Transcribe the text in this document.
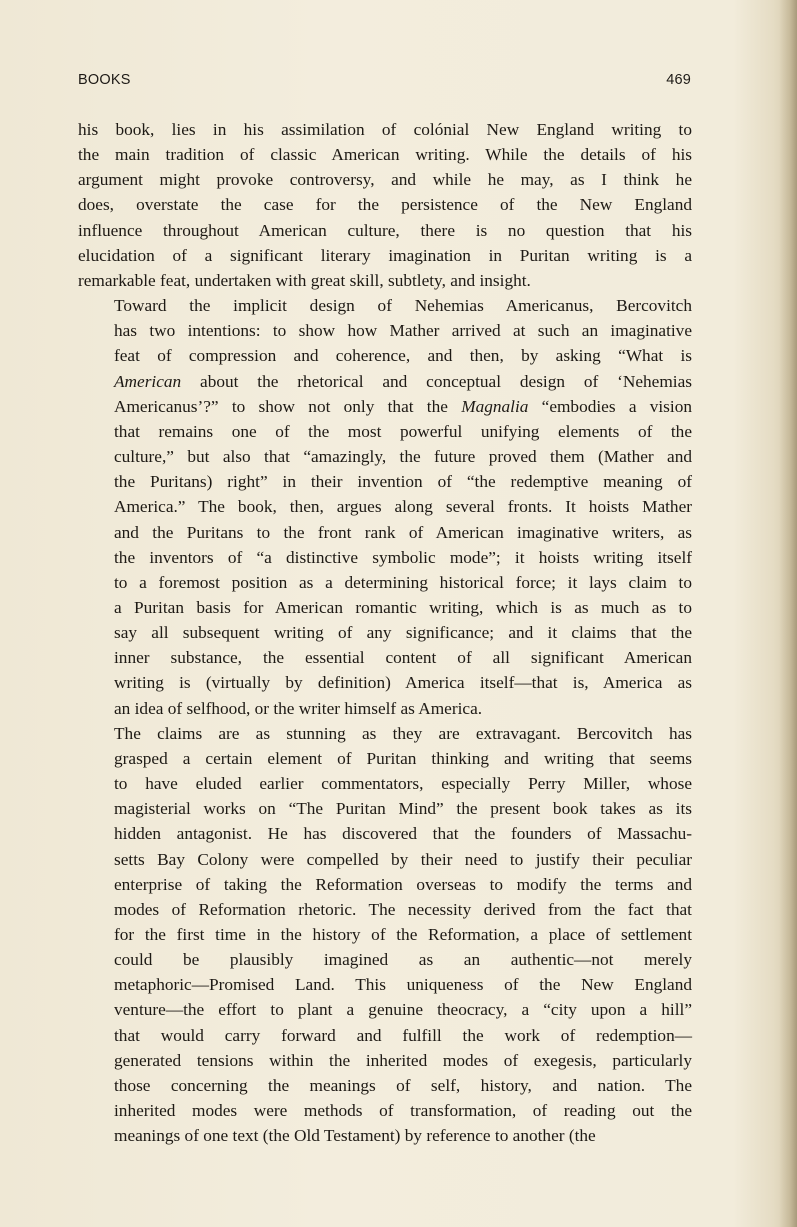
BOOKS	469

his book, lies in his assimilation of colónial New England writing to
the main tradition of classic American writing. While the details of his
argument might provoke controversy, and while he may, as I think he
does, overstate the case for the persistence of the New England
influence throughout American culture, there is no question that his
elucidation of a significant literary imagination in Puritan writing is a
remarkable feat, undertaken with great skill, subtlety, and insight.

Toward the implicit design of Nehemias Americanus, Bercovitch
has two intentions: to show how Mather arrived at such an imaginative
feat of compression and coherence, and then, by asking “What is
American about the rhetorical and conceptual design of ‘Nehemias
Americanus’?” to show not only that the Magnalia “embodies a vision
that remains one of the most powerful unifying elements of the
culture,” but also that “amazingly, the future proved them (Mather and
the Puritans) right” in their invention of “the redemptive meaning of
America.” The book, then, argues along several fronts. It hoists Mather
and the Puritans to the front rank of American imaginative writers, as
the inventors of “a distinctive symbolic mode”; it hoists writing itself
to a foremost position as a determining historical force; it lays claim to
a Puritan basis for American romantic writing, which is as much as to
say all subsequent writing of any significance; and it claims that the
inner substance, the essential content of all significant American
writing is (virtually by definition) America itself—that is, America as
an idea of selfhood, or the writer himself as America.

The claims are as stunning as they are extravagant. Bercovitch has
grasped a certain element of Puritan thinking and writing that seems
to have eluded earlier commentators, especially Perry Miller, whose
magisterial works on “The Puritan Mind” the present book takes as its
hidden antagonist. He has discovered that the founders of Massachu-
setts Bay Colony were compelled by their need to justify their peculiar
enterprise of taking the Reformation overseas to modify the terms and
modes of Reformation rhetoric. The necessity derived from the fact that
for the first time in the history of the Reformation, a place of settlement
could be plausibly imagined as an authentic—not merely
metaphoric—Promised Land. This uniqueness of the New England
venture—the effort to plant a genuine theocracy, a “city upon a hill”
that would carry forward and fulfill the work of redemption—
generated tensions within the inherited modes of exegesis, particularly
those concerning the meanings of self, history, and nation. The
inherited modes were methods of transformation, of reading out the
meanings of one text (the Old Testament) by reference to another (the
